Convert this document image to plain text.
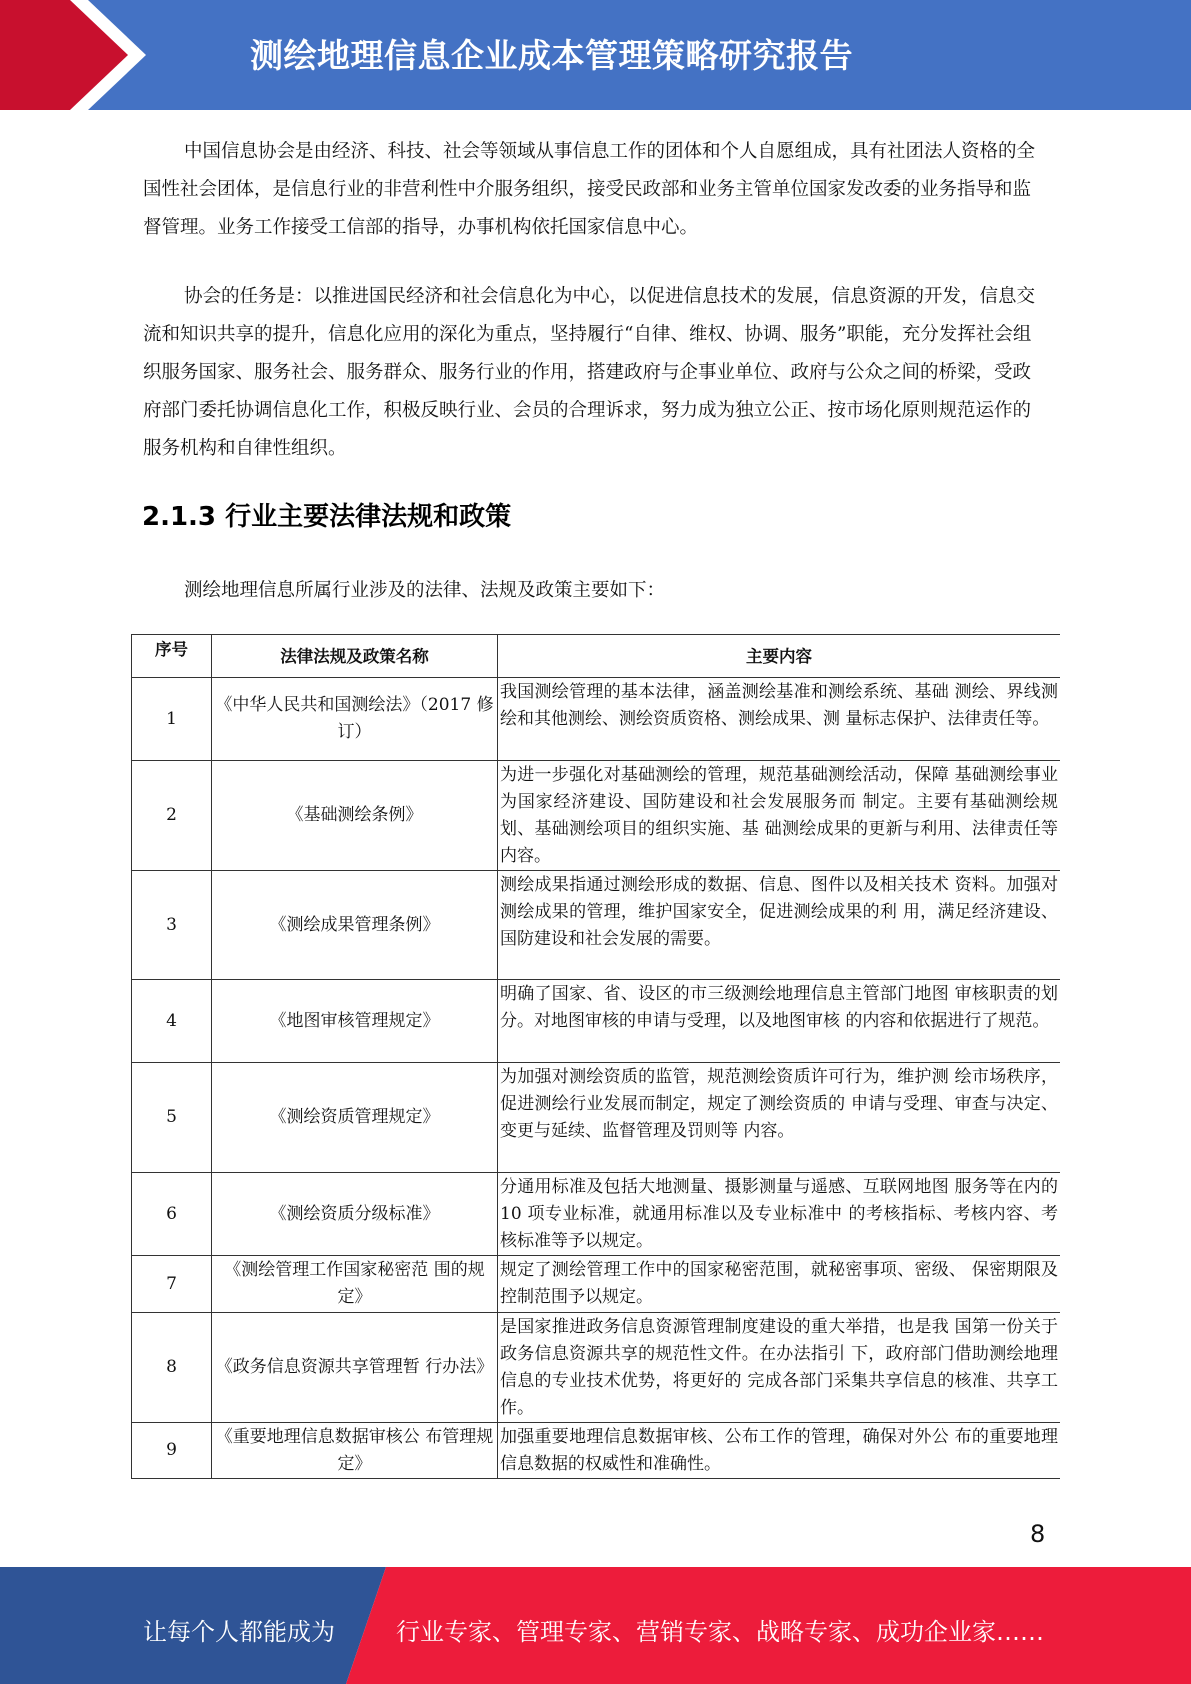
测绘地理信息企业成本管理策略研究报告

中国信息协会是由经济、科技、社会等领域从事信息工作的团体和个人自愿组成，具有社团法人资格的全国性社会团体，是信息行业的非营利性中介服务组织，接受民政部和业务主管单位国家发改委的业务指导和监督管理。业务工作接受工信部的指导，办事机构依托国家信息中心。

协会的任务是：以推进国民经济和社会信息化为中心，以促进信息技术的发展，信息资源的开发，信息交流和知识共享的提升，信息化应用的深化为重点，坚持履行“自律、维权、协调、服务”职能，充分发挥社会组织服务国家、服务社会、服务群众、服务行业的作用，搭建政府与企事业单位、政府与公众之间的桥梁，受政府部门委托协调信息化工作，积极反映行业、会员的合理诉求，努力成为独立公正、按市场化原则规范运作的服务机构和自律性组织。

2.1.3 行业主要法律法规和政策
测绘地理信息所属行业涉及的法律、法规及政策主要如下：
序号	法律法规及政策名称	主要内容
1	《中华人民共和国测绘法》（2017 修订）	我国测绘管理的基本法律，涵盖测绘基准和测绘系统、基础 测绘、界线测绘和其他测绘、测绘资质资格、测绘成果、测 量标志保护、法律责任等。
2	《基础测绘条例》	为进一步强化对基础测绘的管理，规范基础测绘活动，保障 基础测绘事业为国家经济建设、国防建设和社会发展服务而 制定。主要有基础测绘规划、基础测绘项目的组织实施、基 础测绘成果的更新与利用、法律责任等内容。
3	《测绘成果管理条例》	测绘成果指通过测绘形成的数据、信息、图件以及相关技术 资料。加强对测绘成果的管理，维护国家安全，促进测绘成果的利 用，满足经济建设、国防建设和社会发展的需要。
4	《地图审核管理规定》	明确了国家、省、设区的市三级测绘地理信息主管部门地图 审核职责的划分。对地图审核的申请与受理，以及地图审核 的内容和依据进行了规范。
5	《测绘资质管理规定》	为加强对测绘资质的监管，规范测绘资质许可行为，维护测 绘市场秩序，促进测绘行业发展而制定，规定了测绘资质的 申请与受理、审查与决定、变更与延续、监督管理及罚则等 内容。
6	《测绘资质分级标准》	分通用标准及包括大地测量、摄影测量与遥感、互联网地图 服务等在内的 10 项专业标准，就通用标准以及专业标准中 的考核指标、考核内容、考核标准等予以规定。
7	《测绘管理工作国家秘密范 围的规定》	规定了测绘管理工作中的国家秘密范围，就秘密事项、密级、 保密期限及控制范围予以规定。
8	《政务信息资源共享管理暂 行办法》	是国家推进政务信息资源管理制度建设的重大举措，也是我 国第一份关于政务信息资源共享的规范性文件。在办法指引 下，政府部门借助测绘地理信息的专业技术优势，将更好的 完成各部门采集共享信息的核准、共享工作。
9	《重要地理信息数据审核公 布管理规定》	加强重要地理信息数据审核、公布工作的管理，确保对外公 布的重要地理信息数据的权威性和准确性。
8
让每个人都能成为	行业专家、管理专家、营销专家、战略专家、成功企业家……
